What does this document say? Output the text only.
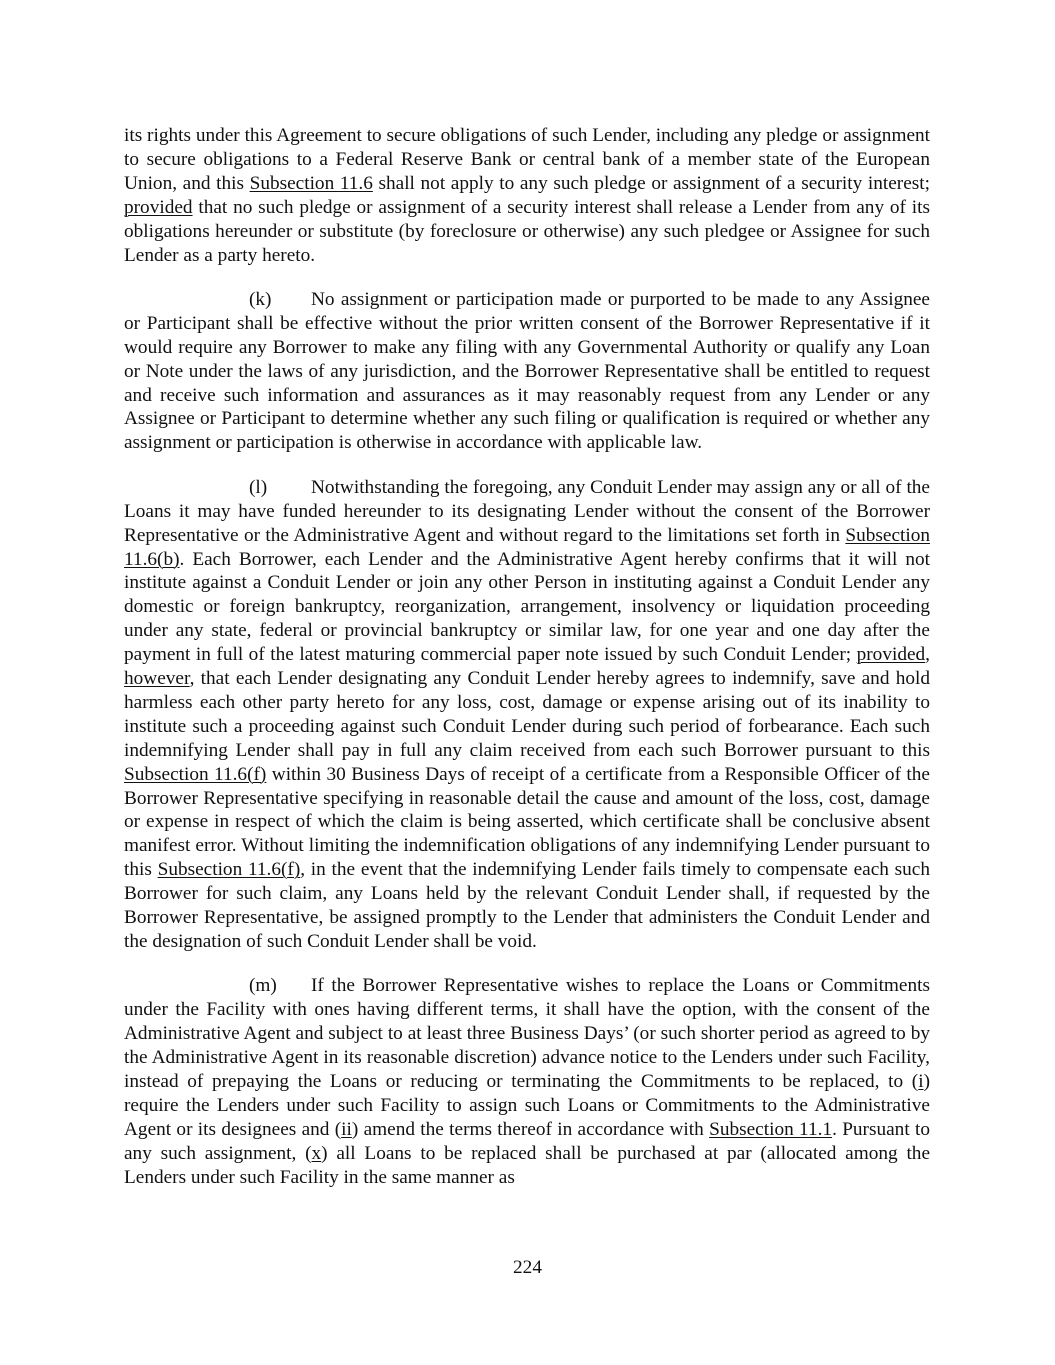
its rights under this Agreement to secure obligations of such Lender, including any pledge or assignment to secure obligations to a Federal Reserve Bank or central bank of a member state of the European Union, and this Subsection 11.6 shall not apply to any such pledge or assignment of a security interest; provided that no such pledge or assignment of a security interest shall release a Lender from any of its obligations hereunder or substitute (by foreclosure or otherwise) any such pledgee or Assignee for such Lender as a party hereto.

(k) No assignment or participation made or purported to be made to any Assignee or Participant shall be effective without the prior written consent of the Borrower Representative if it would require any Borrower to make any filing with any Governmental Authority or qualify any Loan or Note under the laws of any jurisdiction, and the Borrower Representative shall be entitled to request and receive such information and assurances as it may reasonably request from any Lender or any Assignee or Participant to determine whether any such filing or qualification is required or whether any assignment or participation is otherwise in accordance with applicable law.

(l) Notwithstanding the foregoing, any Conduit Lender may assign any or all of the Loans it may have funded hereunder to its designating Lender without the consent of the Borrower Representative or the Administrative Agent and without regard to the limitations set forth in Subsection 11.6(b). Each Borrower, each Lender and the Administrative Agent hereby confirms that it will not institute against a Conduit Lender or join any other Person in instituting against a Conduit Lender any domestic or foreign bankruptcy, reorganization, arrangement, insolvency or liquidation proceeding under any state, federal or provincial bankruptcy or similar law, for one year and one day after the payment in full of the latest maturing commercial paper note issued by such Conduit Lender; provided, however, that each Lender designating any Conduit Lender hereby agrees to indemnify, save and hold harmless each other party hereto for any loss, cost, damage or expense arising out of its inability to institute such a proceeding against such Conduit Lender during such period of forbearance. Each such indemnifying Lender shall pay in full any claim received from each such Borrower pursuant to this Subsection 11.6(f) within 30 Business Days of receipt of a certificate from a Responsible Officer of the Borrower Representative specifying in reasonable detail the cause and amount of the loss, cost, damage or expense in respect of which the claim is being asserted, which certificate shall be conclusive absent manifest error. Without limiting the indemnification obligations of any indemnifying Lender pursuant to this Subsection 11.6(f), in the event that the indemnifying Lender fails timely to compensate each such Borrower for such claim, any Loans held by the relevant Conduit Lender shall, if requested by the Borrower Representative, be assigned promptly to the Lender that administers the Conduit Lender and the designation of such Conduit Lender shall be void.

(m) If the Borrower Representative wishes to replace the Loans or Commitments under the Facility with ones having different terms, it shall have the option, with the consent of the Administrative Agent and subject to at least three Business Days’ (or such shorter period as agreed to by the Administrative Agent in its reasonable discretion) advance notice to the Lenders under such Facility, instead of prepaying the Loans or reducing or terminating the Commitments to be replaced, to (i) require the Lenders under such Facility to assign such Loans or Commitments to the Administrative Agent or its designees and (ii) amend the terms thereof in accordance with Subsection 11.1. Pursuant to any such assignment, (x) all Loans to be replaced shall be purchased at par (allocated among the Lenders under such Facility in the same manner as

224
